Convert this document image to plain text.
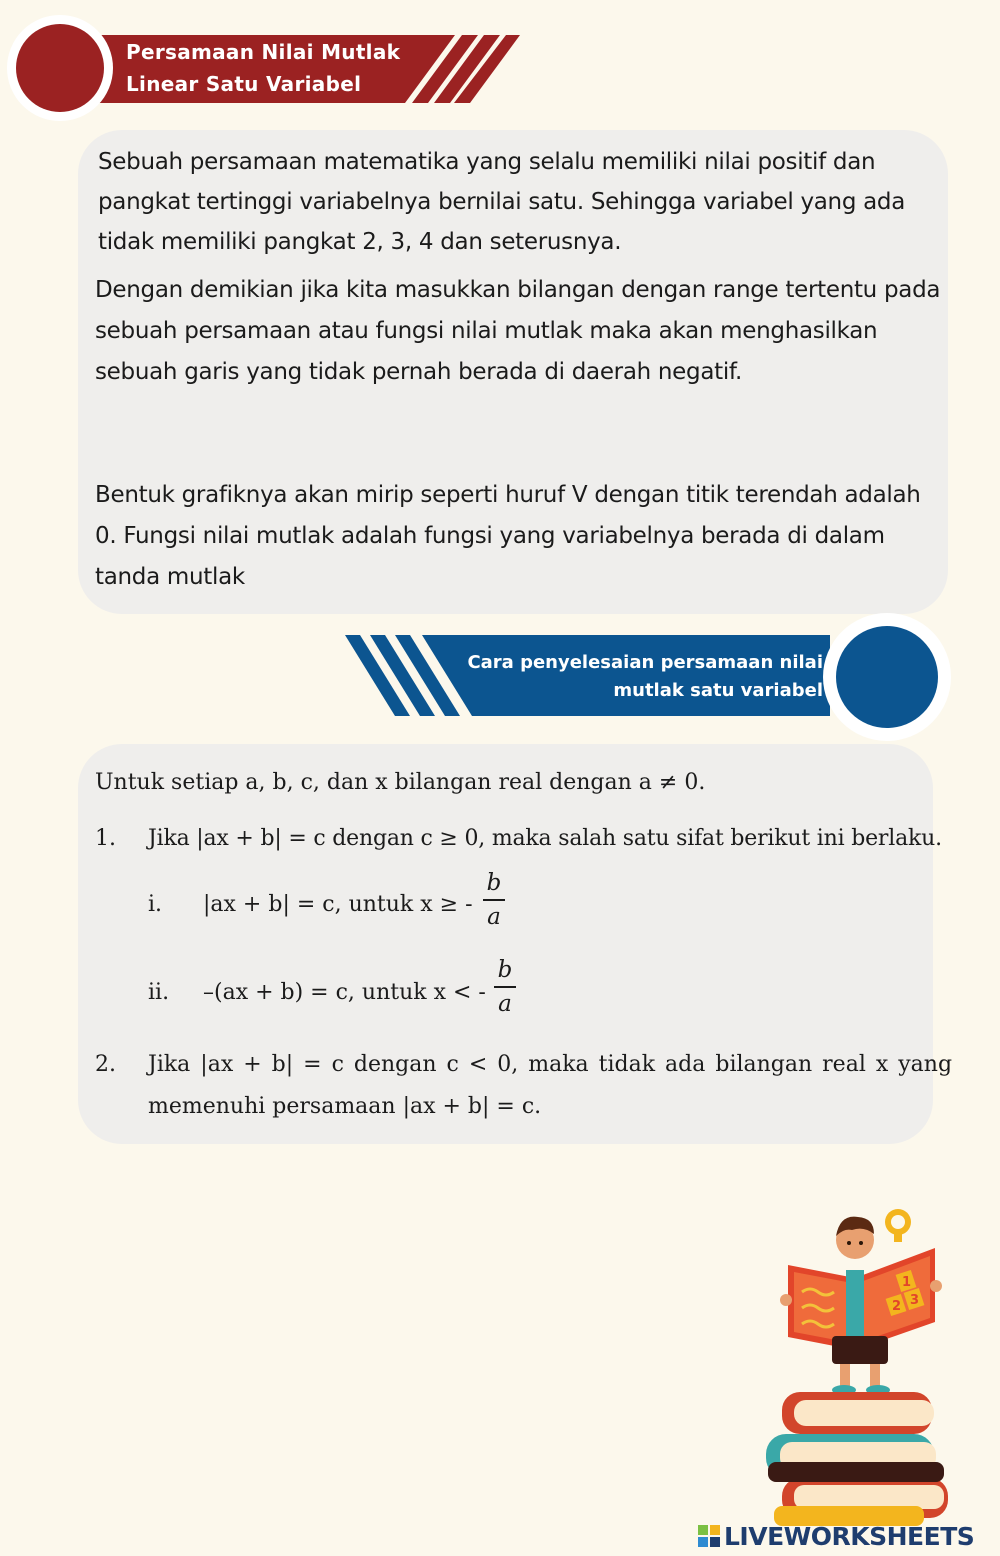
Persamaan Nilai Mutlak
Linear Satu Variabel

Sebuah persamaan matematika yang selalu memiliki nilai positif dan pangkat tertinggi variabelnya bernilai satu. Sehingga variabel yang ada tidak memiliki pangkat 2, 3, 4 dan seterusnya.

Dengan demikian jika kita masukkan bilangan dengan range tertentu pada sebuah persamaan atau fungsi nilai mutlak maka akan menghasilkan sebuah garis yang tidak pernah berada di daerah negatif.

Bentuk grafiknya akan mirip seperti huruf V dengan titik terendah adalah 0. Fungsi nilai mutlak adalah fungsi yang variabelnya berada di dalam tanda mutlak

Cara penyelesaian persamaan nilai
mutlak satu variabel
Untuk setiap a, b, c, dan x bilangan real dengan a ≠ 0.
1. Jika |ax + b| = c dengan c ≥ 0, maka salah satu sifat berikut ini berlaku.
i. |ax + b| = c, untuk x ≥ -
b
a
ii. –(ax + b) = c, untuk x < -
b
a
2. Jika |ax + b| = c dengan c < 0, maka tidak ada bilangan real x yang
memenuhi persamaan |ax + b| = c.
2 3
1
LIVEWORKSHEETS
